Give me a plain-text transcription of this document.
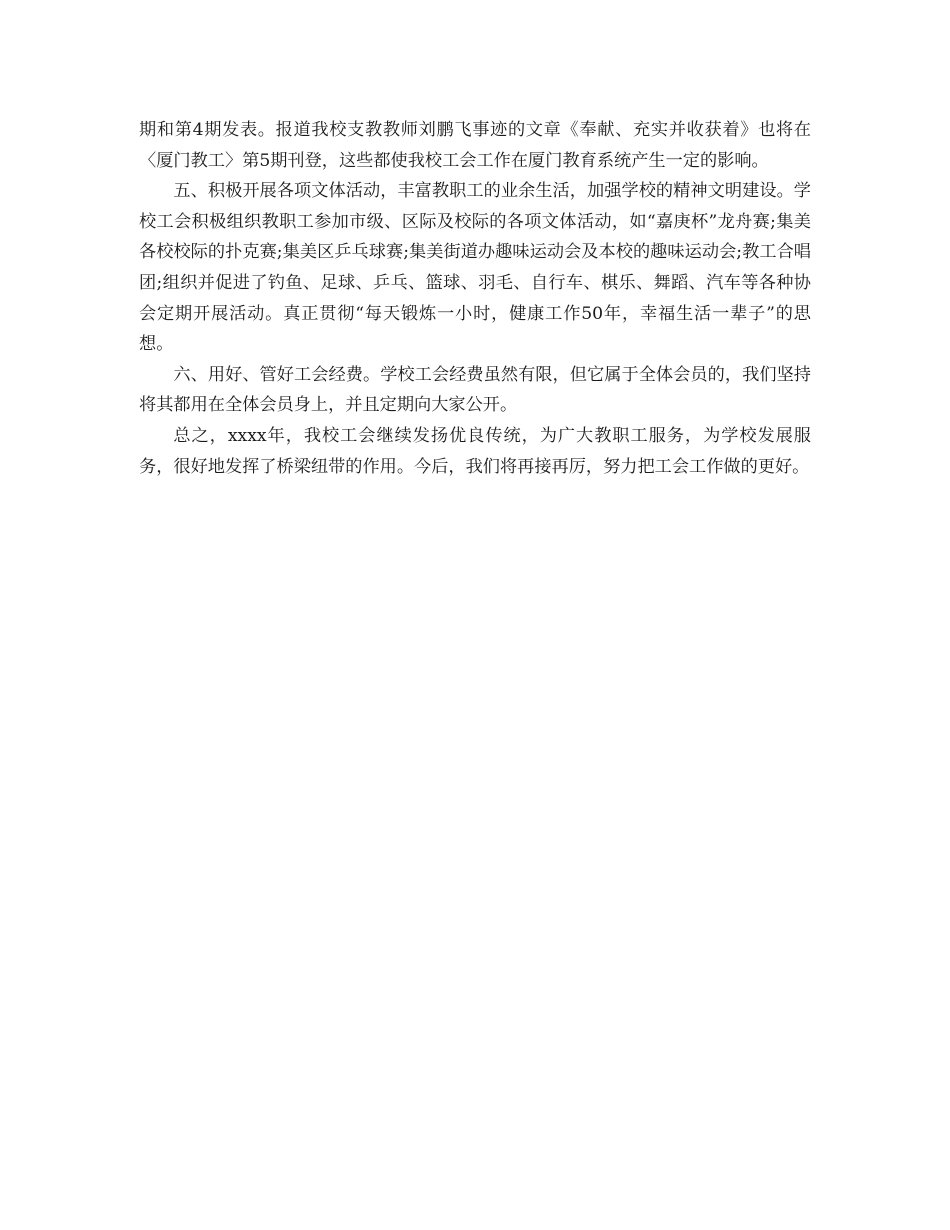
期和第4期发表。报道我校支教教师刘鹏飞事迹的文章《奉献、充实并收获着》也将在〈厦门教工〉第5期刊登，这些都使我校工会工作在厦门教育系统产生一定的影响。

五、积极开展各项文体活动，丰富教职工的业余生活，加强学校的精神文明建设。学校工会积极组织教职工参加市级、区际及校际的各项文体活动，如“嘉庚杯”龙舟赛;集美各校校际的扑克赛;集美区乒乓球赛;集美街道办趣味运动会及本校的趣味运动会;教工合唱团;组织并促进了钓鱼、足球、乒乓、篮球、羽毛、自行车、棋乐、舞蹈、汽车等各种协会定期开展活动。真正贯彻“每天锻炼一小时，健康工作50年，幸福生活一辈子”的思想。

六、用好、管好工会经费。学校工会经费虽然有限，但它属于全体会员的，我们坚持将其都用在全体会员身上，并且定期向大家公开。

总之，xxxx年，我校工会继续发扬优良传统，为广大教职工服务，为学校发展服务，很好地发挥了桥梁纽带的作用。今后，我们将再接再厉，努力把工会工作做的更好。
